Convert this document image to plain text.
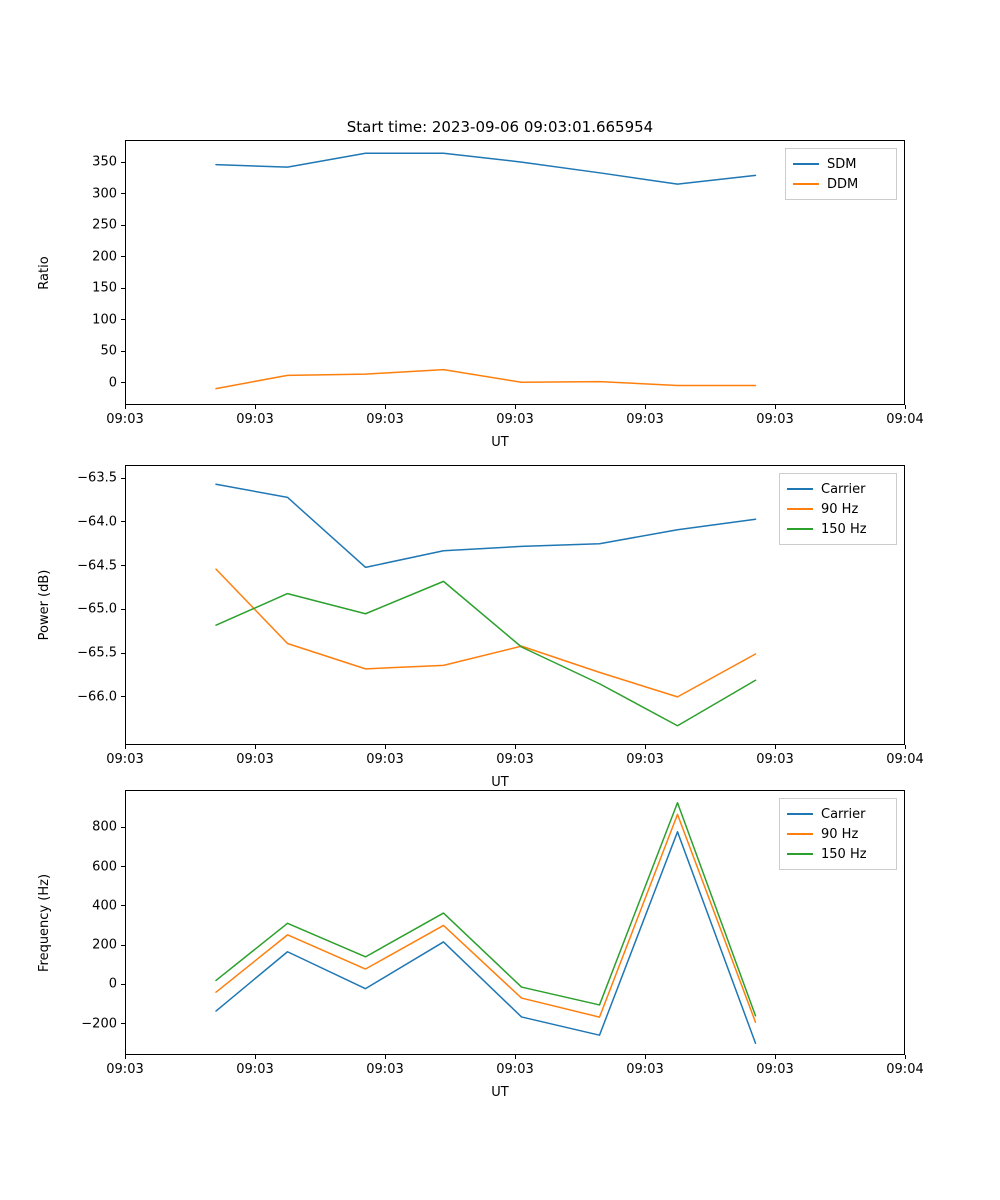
Start time: 2023-09-06 09:03:01.665954
09:03	09:03	09:03	09:03	09:03	09:03	09:04
0
50
100
150
200
250
300
350
UT
Ratio
SDM
DDM
09:03	09:03	09:03	09:03	09:03	09:03	09:04
−66.0
−65.5
−65.0
−64.5
−64.0
−63.5
UT
Power (dB)
Carrier
90 Hz
150 Hz
09:03	09:03	09:03	09:03	09:03	09:03	09:04
−200
0
200
400
600
800
UT
Frequency (Hz)
Carrier
90 Hz
150 Hz
